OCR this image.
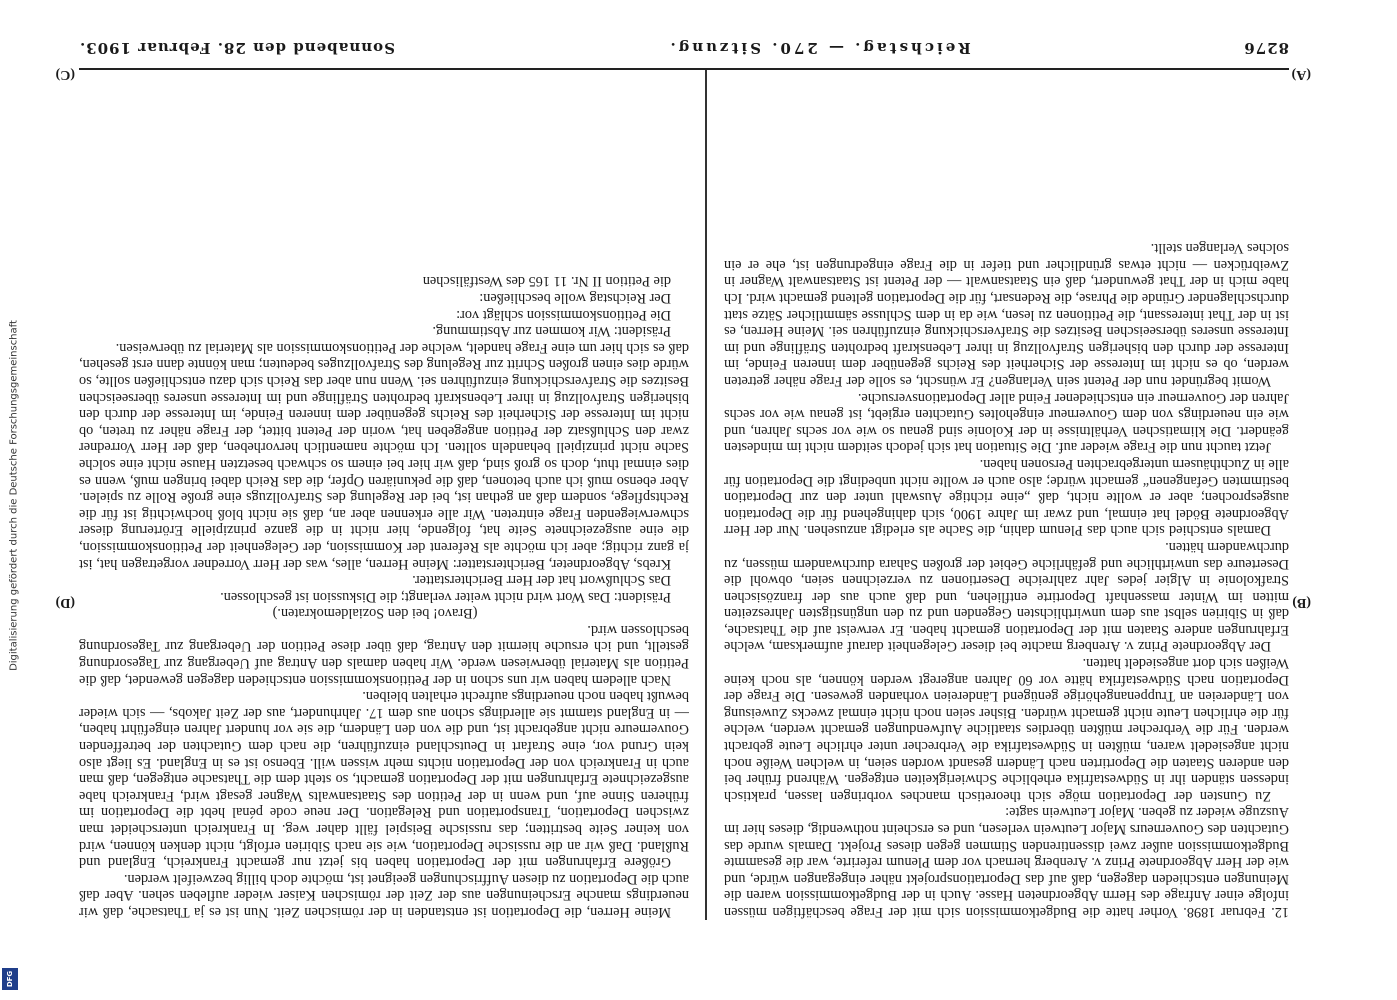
8276
Reichstag. — 270. Sitzung.
Sonnabend den 28. Februar 1903.
(A)
(B)
(C)
(D)

12. Februar 1898. Vorher hatte die Budgetkommission sich mit der Frage beschäftigen müssen infolge einer Anfrage des Herrn Abgeordneten Hasse. Auch in der Budgetkommission waren die Meinungen entschieden dagegen, daß auf das Deportationsprojekt näher eingegangen würde, und wie der Herr Abgeordnete Prinz v. Arenberg hernach vor dem Plenum referirte, war die gesammte Budgetkommission außer zwei dissentirenden Stimmen gegen dieses Projekt. Damals wurde das Gutachten des Gouverneurs Major Leutwein verlesen, und es erscheint nothwendig, dieses hier im Auszuge wieder zu geben. Major Leutwein sagte:

Zu Gunsten der Deportation möge sich theoretisch manches vorbringen lassen, praktisch indessen ständen ihr in Südwestafrika erhebliche Schwierigkeiten entgegen. Während früher bei den anderen Staaten die Deportirten nach Ländern gesandt worden seien, in welchen Weiße noch nicht angesiedelt waren, müßten in Südwestafrika die Verbrecher unter ehrliche Leute gebracht werden. Für die Verbrecher müßten überdies staatliche Aufwendungen gemacht werden, welche für die ehrlichen Leute nicht gemacht würden. Bisher seien noch nicht einmal zwecks Zuweisung von Ländereien an Truppenangehörige genügend Ländereien vorhanden gewesen. Die Frage der Deportation nach Südwestafrika hätte vor 60 Jahren angeregt werden können, als noch keine Weißen sich dort angesiedelt hatten.

Der Abgeordnete Prinz v. Arenberg machte bei dieser Gelegenheit darauf aufmerksam, welche Erfahrungen andere Staaten mit der Deportation gemacht haben. Er verweist auf die Thatsache, daß in Sibirien selbst aus dem unwirthlichsten Gegenden und zu den ungünstigsten Jahreszeiten mitten im Winter massenhaft Deportirte entfliehen, und daß auch aus der französischen Strafkolonie in Algier jedes Jahr zahlreiche Desertionen zu verzeichnen seien, obwohl die Deserteure das unwirthliche und gefährliche Gebiet der großen Sahara durchwandern müssen, zu durchwandern hätten.

Damals entschied sich auch das Plenum dahin, die Sache als erledigt anzusehen. Nur der Herr Abgeordnete Bödel hat einmal, und zwar im Jahre 1900, sich dahingehend für die Deportation ausgesprochen; aber er wollte nicht, daß „eine richtige Auswahl unter den zur Deportation bestimmten Gefangenen“ gemacht würde; also auch er wollte nicht unbedingt die Deportation für alle in Zuchthäusern untergebrachten Personen haben.

Jetzt taucht nun die Frage wieder auf. Die Situation hat sich jedoch seitdem nicht im mindesten geändert. Die klimatischen Verhältnisse in der Kolonie sind genau so wie vor sechs Jahren, und wie ein neuerdings von dem Gouverneur eingeholtes Gutachten ergiebt, ist genau wie vor sechs Jahren der Gouverneur ein entschiedener Feind aller Deportationsversuche.

Womit begründet nun der Petent sein Verlangen? Er wünscht, es solle der Frage näher getreten werden, ob es nicht im Interesse der Sicherheit des Reichs gegenüber dem inneren Feinde, im Interesse der durch den bisherigen Strafvollzug in ihrer Lebenskraft bedrohten Sträflinge und im Interesse unseres überseeischen Besitzes die Strafverschickung einzuführen sei. Meine Herren, es ist in der That interessant, die Petitionen zu lesen, wie da in dem Schlusse sämmtlicher Sätze statt durchschlagender Gründe die Phrase, die Redensart, für die Deportation geltend gemacht wird. Ich habe mich in der That gewundert, daß ein Staatsanwalt — der Petent ist Staatsanwalt Wagner in Zweibrücken — nicht etwas gründlicher und tiefer in die Frage eingedrungen ist, ehe er ein solches Verlangen stellt.

Meine Herren, die Deportation ist entstanden in der römischen Zeit. Nun ist es ja Thatsache, daß wir neuerdings manche Erscheinungen aus der Zeit der römischen Kaiser wieder aufleben sehen. Aber daß auch die Deportation zu diesen Auffrischungen geeignet ist, möchte doch billig bezweifelt werden.

Größere Erfahrungen mit der Deportation haben bis jetzt nur gemacht Frankreich, England und Rußland. Daß wir an die russische Deportation, wie sie nach Sibirien erfolgt, nicht denken können, wird von keiner Seite bestritten; das russische Beispiel fällt daher weg. In Frankreich unterscheidet man zwischen Deportation, Transportation und Relegation. Der neue code pénal hebt die Deportation im früheren Sinne auf, und wenn in der Petition des Staatsanwalts Wagner gesagt wird, Frankreich habe ausgezeichnete Erfahrungen mit der Deportation gemacht, so steht dem die Thatsache entgegen, daß man auch in Frankreich von der Deportation nichts mehr wissen will. Ebenso ist es in England. Es liegt also kein Grund vor, eine Strafart in Deutschland einzuführen, die nach dem Gutachten der betreffenden Gouverneure nicht angebracht ist, und die von den Ländern, die sie vor hundert Jahren eingeführt haben, — in England stammt sie allerdings schon aus dem 17. Jahrhundert, aus der Zeit Jakobs, — sich wieder bewußt haben noch neuerdings aufrecht erhalten bleiben.

Nach alledem haben wir uns schon in der Petitionskommission entschieden dagegen gewendet, daß die Petition als Material überwiesen werde. Wir haben damals den Antrag auf Uebergang zur Tagesordnung gestellt, und ich ersuche hiermit den Antrag, daß über diese Petition der Uebergang zur Tagesordnung beschlossen wird.

(Bravo! bei den Sozialdemokraten.)

Präsident: Das Wort wird nicht weiter verlangt; die Diskussion ist geschlossen.

Das Schlußwort hat der Herr Berichterstatter.

Krebs, Abgeordneter, Berichterstatter: Meine Herren, alles, was der Herr Vorredner vorgetragen hat, ist ja ganz richtig; aber ich möchte als Referent der Kommission, der Gelegenheit der Petitionskommission, die eine ausgezeichnete Seite hat, folgende, hier nicht in die ganze prinzipielle Erörterung dieser schwerwiegenden Frage eintreten. Wir alle erkennen aber an, daß sie nicht bloß hochwichtig ist für die Rechtspflege, sondern daß an gethan ist, bei der Regelung des Strafvollzugs eine große Rolle zu spielen. Aber ebenso muß ich auch betonen, daß die pekuniären Opfer, die das Reich dabei bringen muß, wenn es dies einmal thut, doch so groß sind, daß wir hier bei einem so schwach besetzten Hause nicht eine solche Sache nicht prinzipiell behandeln sollten. Ich möchte namentlich hervorheben, daß der Herr Vorredner zwar den Schlußsatz der Petition angegeben hat, worin der Petent bittet, der Frage näher zu treten, ob nicht im Interesse der Sicherheit des Reichs gegenüber dem inneren Feinde, im Interesse der durch den bisherigen Strafvollzug in ihrer Lebenskraft bedrohten Sträflinge und im Interesse unseres überseeischen Besitzes die Strafverschickung einzuführen sei. Wenn nun aber das Reich sich dazu entschließen sollte, so würde dies einen großen Schritt zur Regelung des Strafvollzuges bedeuten; man könnte dann erst gesehen, daß es sich hier um eine Frage handelt, welche der Petitionskommission als Material zu überweisen.

Präsident: Wir kommen zur Abstimmung.

Die Petitionskommission schlägt vor:

Der Reichstag wolle beschließen:

die Petition II Nr. 11 165 des Westfälischen

Digitalisierung gefördert durch die Deutsche Forschungsgemeinschaft
DFG
